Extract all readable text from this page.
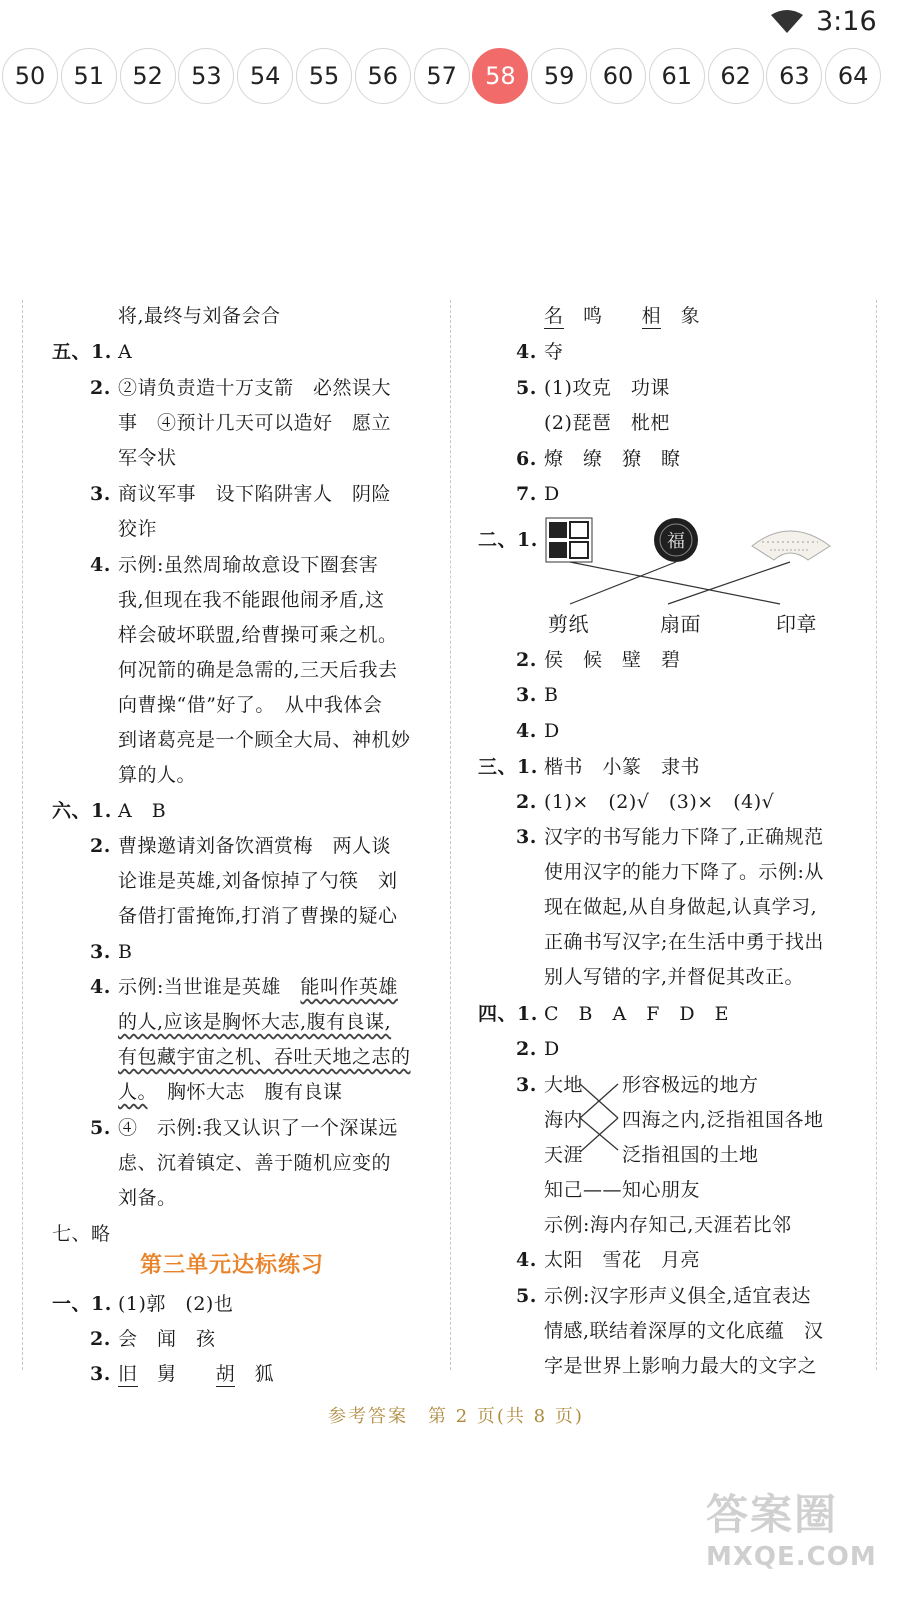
3:16
50	51	52	53	54	55	56	57	58	59	60	61	62	63	64
将,最终与刘备会合
五、1. A
2. ②请负责造十万支箭　必然误大
事　④预计几天可以造好　愿立
军令状
3. 商议军事　设下陷阱害人　阴险
狡诈
4. 示例:虽然周瑜故意设下圈套害
我,但现在我不能跟他闹矛盾,这
样会破坏联盟,给曹操可乘之机。
何况箭的确是急需的,三天后我去
向曹操“借”好了。　从中我体会
到诸葛亮是一个顾全大局、神机妙
算的人。
六、1. A　B
2. 曹操邀请刘备饮酒赏梅　两人谈
论谁是英雄,刘备惊掉了勺筷　刘
备借打雷掩饰,打消了曹操的疑心
3. B
4. 示例:当世谁是英雄　能叫作英雄
的人,应该是胸怀大志,腹有良谋,
有包藏宇宙之机、吞吐天地之志的
人。　胸怀大志　腹有良谋
5. ④　示例:我又认识了一个深谋远
虑、沉着镇定、善于随机应变的
刘备。
七、略
第三单元达标练习
一、1. (1)郭　(2)也
2. 会　闻　孩
3. 旧　 舅　　 胡　 狐
名　 鸣　　 相　 象
4. 夺
5. (1)攻克　功课
(2)琵琶　枇杷
6. 燎　缭　獠　瞭
7. D
二、1.	福
剪纸	扇面	印章
2. 侯　候　壁　碧
3. B
4. D
三、1. 楷书　小篆　隶书
2. (1)×　(2)√　(3)×　(4)√
3. 汉字的书写能力下降了,正确规范
使用汉字的能力下降了。示例:从
现在做起,从自身做起,认真学习,
正确书写汉字;在生活中勇于找出
别人写错的字,并督促其改正。
四、1. C　B　A　F　D　E
2. D
3. 大地
海内
天涯
形容极远的地方
四海之内,泛指祖国各地
泛指祖国的土地
知己——知心朋友
示例:海内存知己,天涯若比邻
4. 太阳　雪花　月亮
5. 示例:汉字形声义俱全,适宜表达
情感,联结着深厚的文化底蕴　汉
字是世界上影响力最大的文字之
参考答案　第 2 页(共 8 页)
答案圈
MXQE.COM
